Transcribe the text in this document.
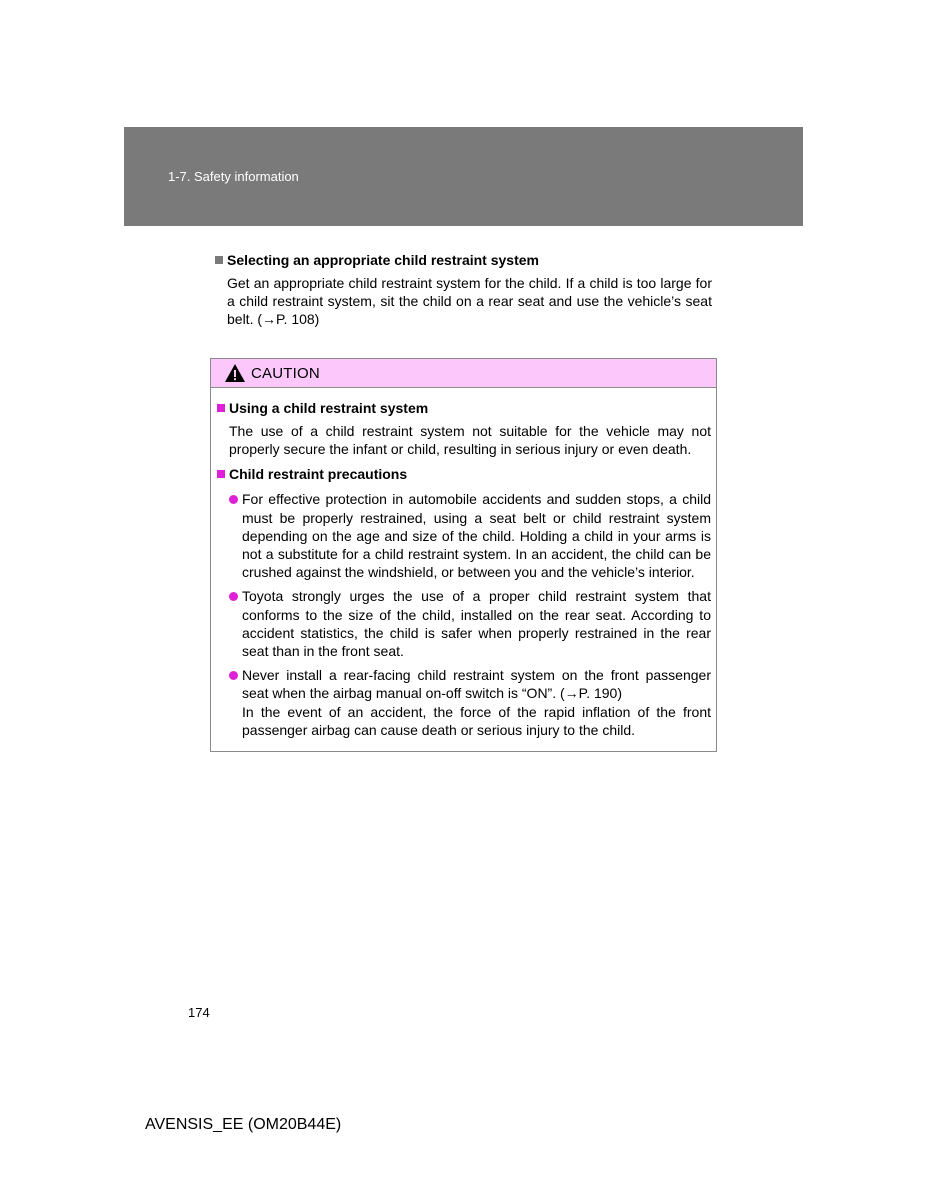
1-7. Safety information
Selecting an appropriate child restraint system
Get an appropriate child restraint system for the child. If a child is too large for a child restraint system, sit the child on a rear seat and use the vehicle’s seat belt. (→P. 108)
CAUTION
Using a child restraint system
The use of a child restraint system not suitable for the vehicle may not properly secure the infant or child, resulting in serious injury or even death.
Child restraint precautions
For effective protection in automobile accidents and sudden stops, a child must be properly restrained, using a seat belt or child restraint system depending on the age and size of the child. Holding a child in your arms is not a substitute for a child restraint system. In an accident, the child can be crushed against the windshield, or between you and the vehicle’s interior.
Toyota strongly urges the use of a proper child restraint system that conforms to the size of the child, installed on the rear seat. According to accident statistics, the child is safer when properly restrained in the rear seat than in the front seat.
Never install a rear-facing child restraint system on the front passenger seat when the airbag manual on-off switch is “ON”. (→P. 190)
In the event of an accident, the force of the rapid inflation of the front passenger airbag can cause death or serious injury to the child.
174
AVENSIS_EE (OM20B44E)
